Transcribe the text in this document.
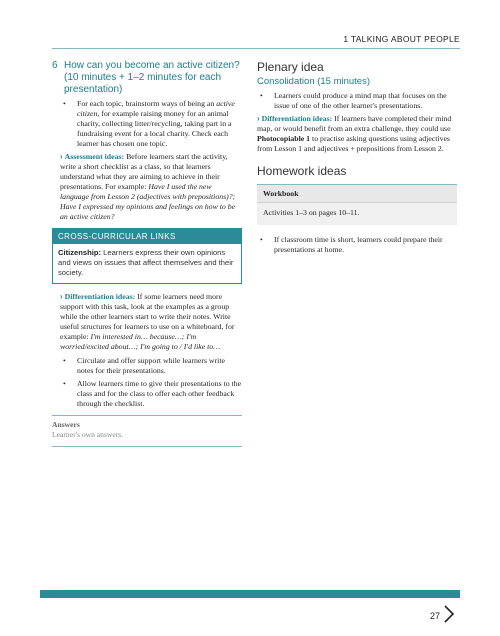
1 TALKING ABOUT PEOPLE
6 How can you become an active citizen? (10 minutes + 1–2 minutes for each presentation)
•	For each topic, brainstorm ways of being an active citizen, for example raising money for an animal charity, collecting litter/recycling, taking part in a fundraising event for a local charity. Check each learner has chosen one topic.
› Assessment ideas: Before learners start the activity, write a short checklist as a class, so that learners understand what they are aiming to achieve in their presentations. For example: Have I used the new language from Lesson 2 (adjectives with prepositions)?; Have I expressed my opinions and feelings on how to be an active citizen?
CROSS-CURRICULAR LINKS
Citizenship: Learners express their own opinions and views on issues that affect themselves and their society.
› Differentiation ideas: If some learners need more support with this task, look at the examples as a group while the other learners start to write their notes. Write useful structures for learners to use on a whiteboard, for example: I'm interested in… because…; I'm worried/excited about…; I'm going to / I'd like to…
•	Circulate and offer support while learners write notes for their presentations.
•	Allow learners time to give their presentations to the class and for the class to offer each other feedback through the checklist.
Answers
Learner's own answers.
Plenary idea
Consolidation (15 minutes)
•	Learners could produce a mind map that focuses on the issue of one of the other learner's presentations.
› Differentiation ideas: If learners have completed their mind map, or would benefit from an extra challenge, they could use Photocopiable 1 to practise asking questions using adjectives from Lesson 1 and adjectives + prepositions from Lesson 2.
Homework ideas
Workbook
Activities 1–3 on pages 10–11.
•	If classroom time is short, learners could prepare their presentations at home.
27
